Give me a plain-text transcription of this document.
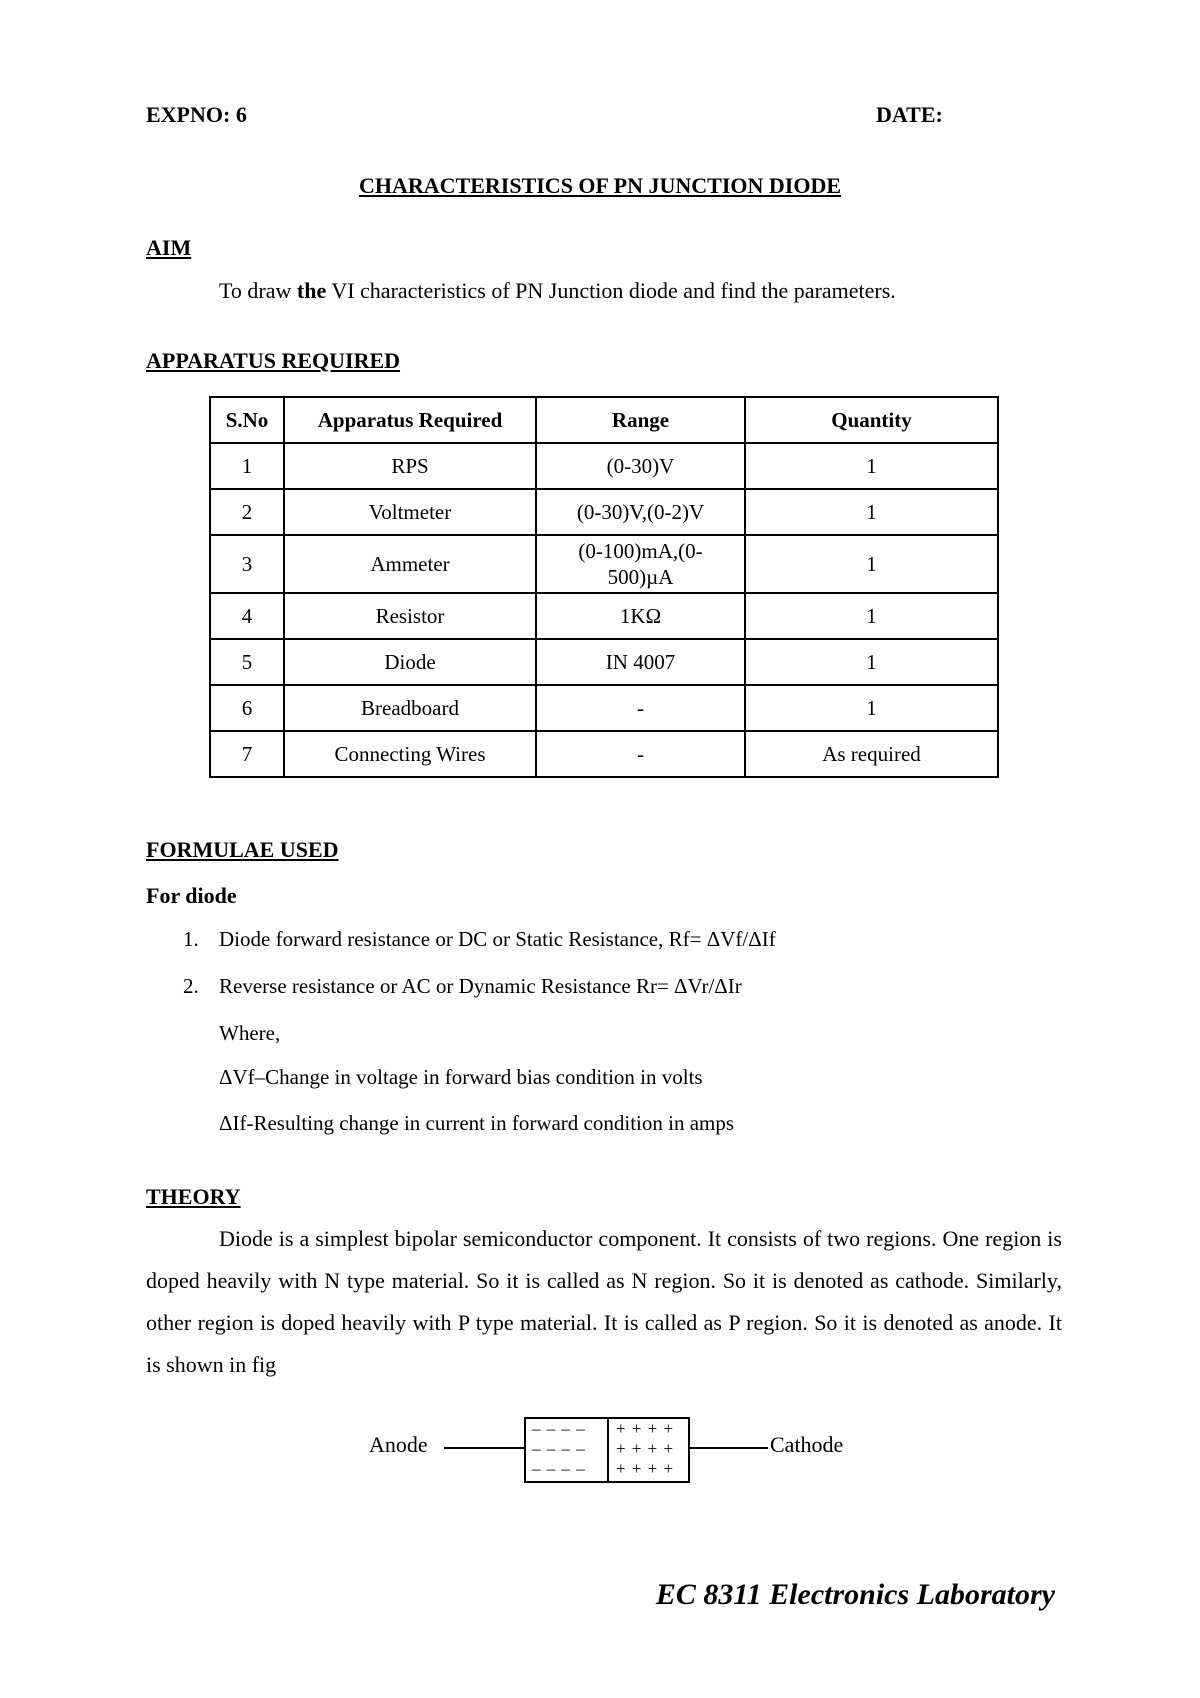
EXPNO: 6	DATE:
CHARACTERISTICS OF PN JUNCTION DIODE
AIM
To draw the VI characteristics of PN Junction diode and find the parameters.
APPARATUS REQUIRED
S.No	Apparatus Required	Range	Quantity
1	RPS	(0-30)V	1
2	Voltmeter	(0-30)V,(0-2)V	1
3	Ammeter	(0-100)mA,(0-
500)µA	1
4	Resistor	1KΩ	1
5	Diode	IN 4007	1
6	Breadboard	-	1
7	Connecting Wires	-	As required
FORMULAE USED
For diode
1. Diode forward resistance or DC or Static Resistance, Rf= ΔVf/ΔIf
2. Reverse resistance or AC or Dynamic Resistance Rr= ΔVr/ΔIr
Where,
ΔVf–Change in voltage in forward bias condition in volts
ΔIf-Resulting change in current in forward condition in amps
THEORY

Diode is a simplest bipolar semiconductor component. It consists of two regions. One region is doped heavily with N type material. So it is called as N region. So it is denoted as cathode. Similarly, other region is doped heavily with P type material. It is called as P region. So it is denoted as anode. It is shown in fig

Anode
– – – –
– – – –
– – – –
+ + + +
+ + + +
+ + + +
Cathode
EC 8311 Electronics Laboratory
